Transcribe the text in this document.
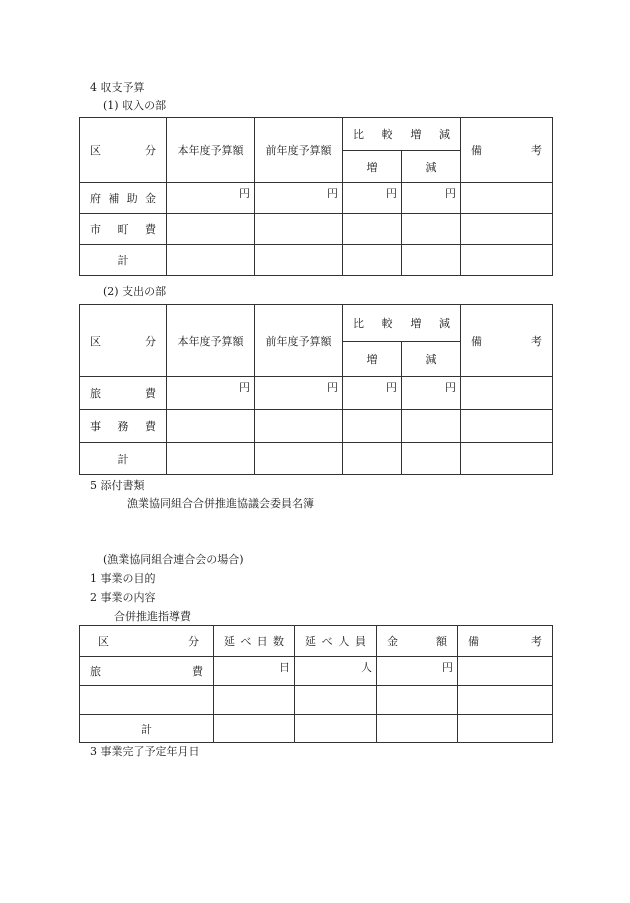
4 収支予算
(1) 収入の部
区 分	本年度予算額	前年度予算額	比 較 増 減		備 考

			増	減	

府 補 助 金	円	円	円	円	

市 町 費					

計					
(2) 支出の部
区 分	本年度予算額	前年度予算額	比 較 増 減		備 考

			増	減	

旅 費	円	円	円	円	

事 務 費					

計					
5 添付書類
漁業協同組合合併推進協議会委員名簿
(漁業協同組合連合会の場合)
1 事業の目的
2 事業の内容
合併推進指導費
区 分	延 べ 日 数	延 べ 人 員	金 額	備 考

旅 費	日	人	円	

計				
3 事業完了予定年月日
